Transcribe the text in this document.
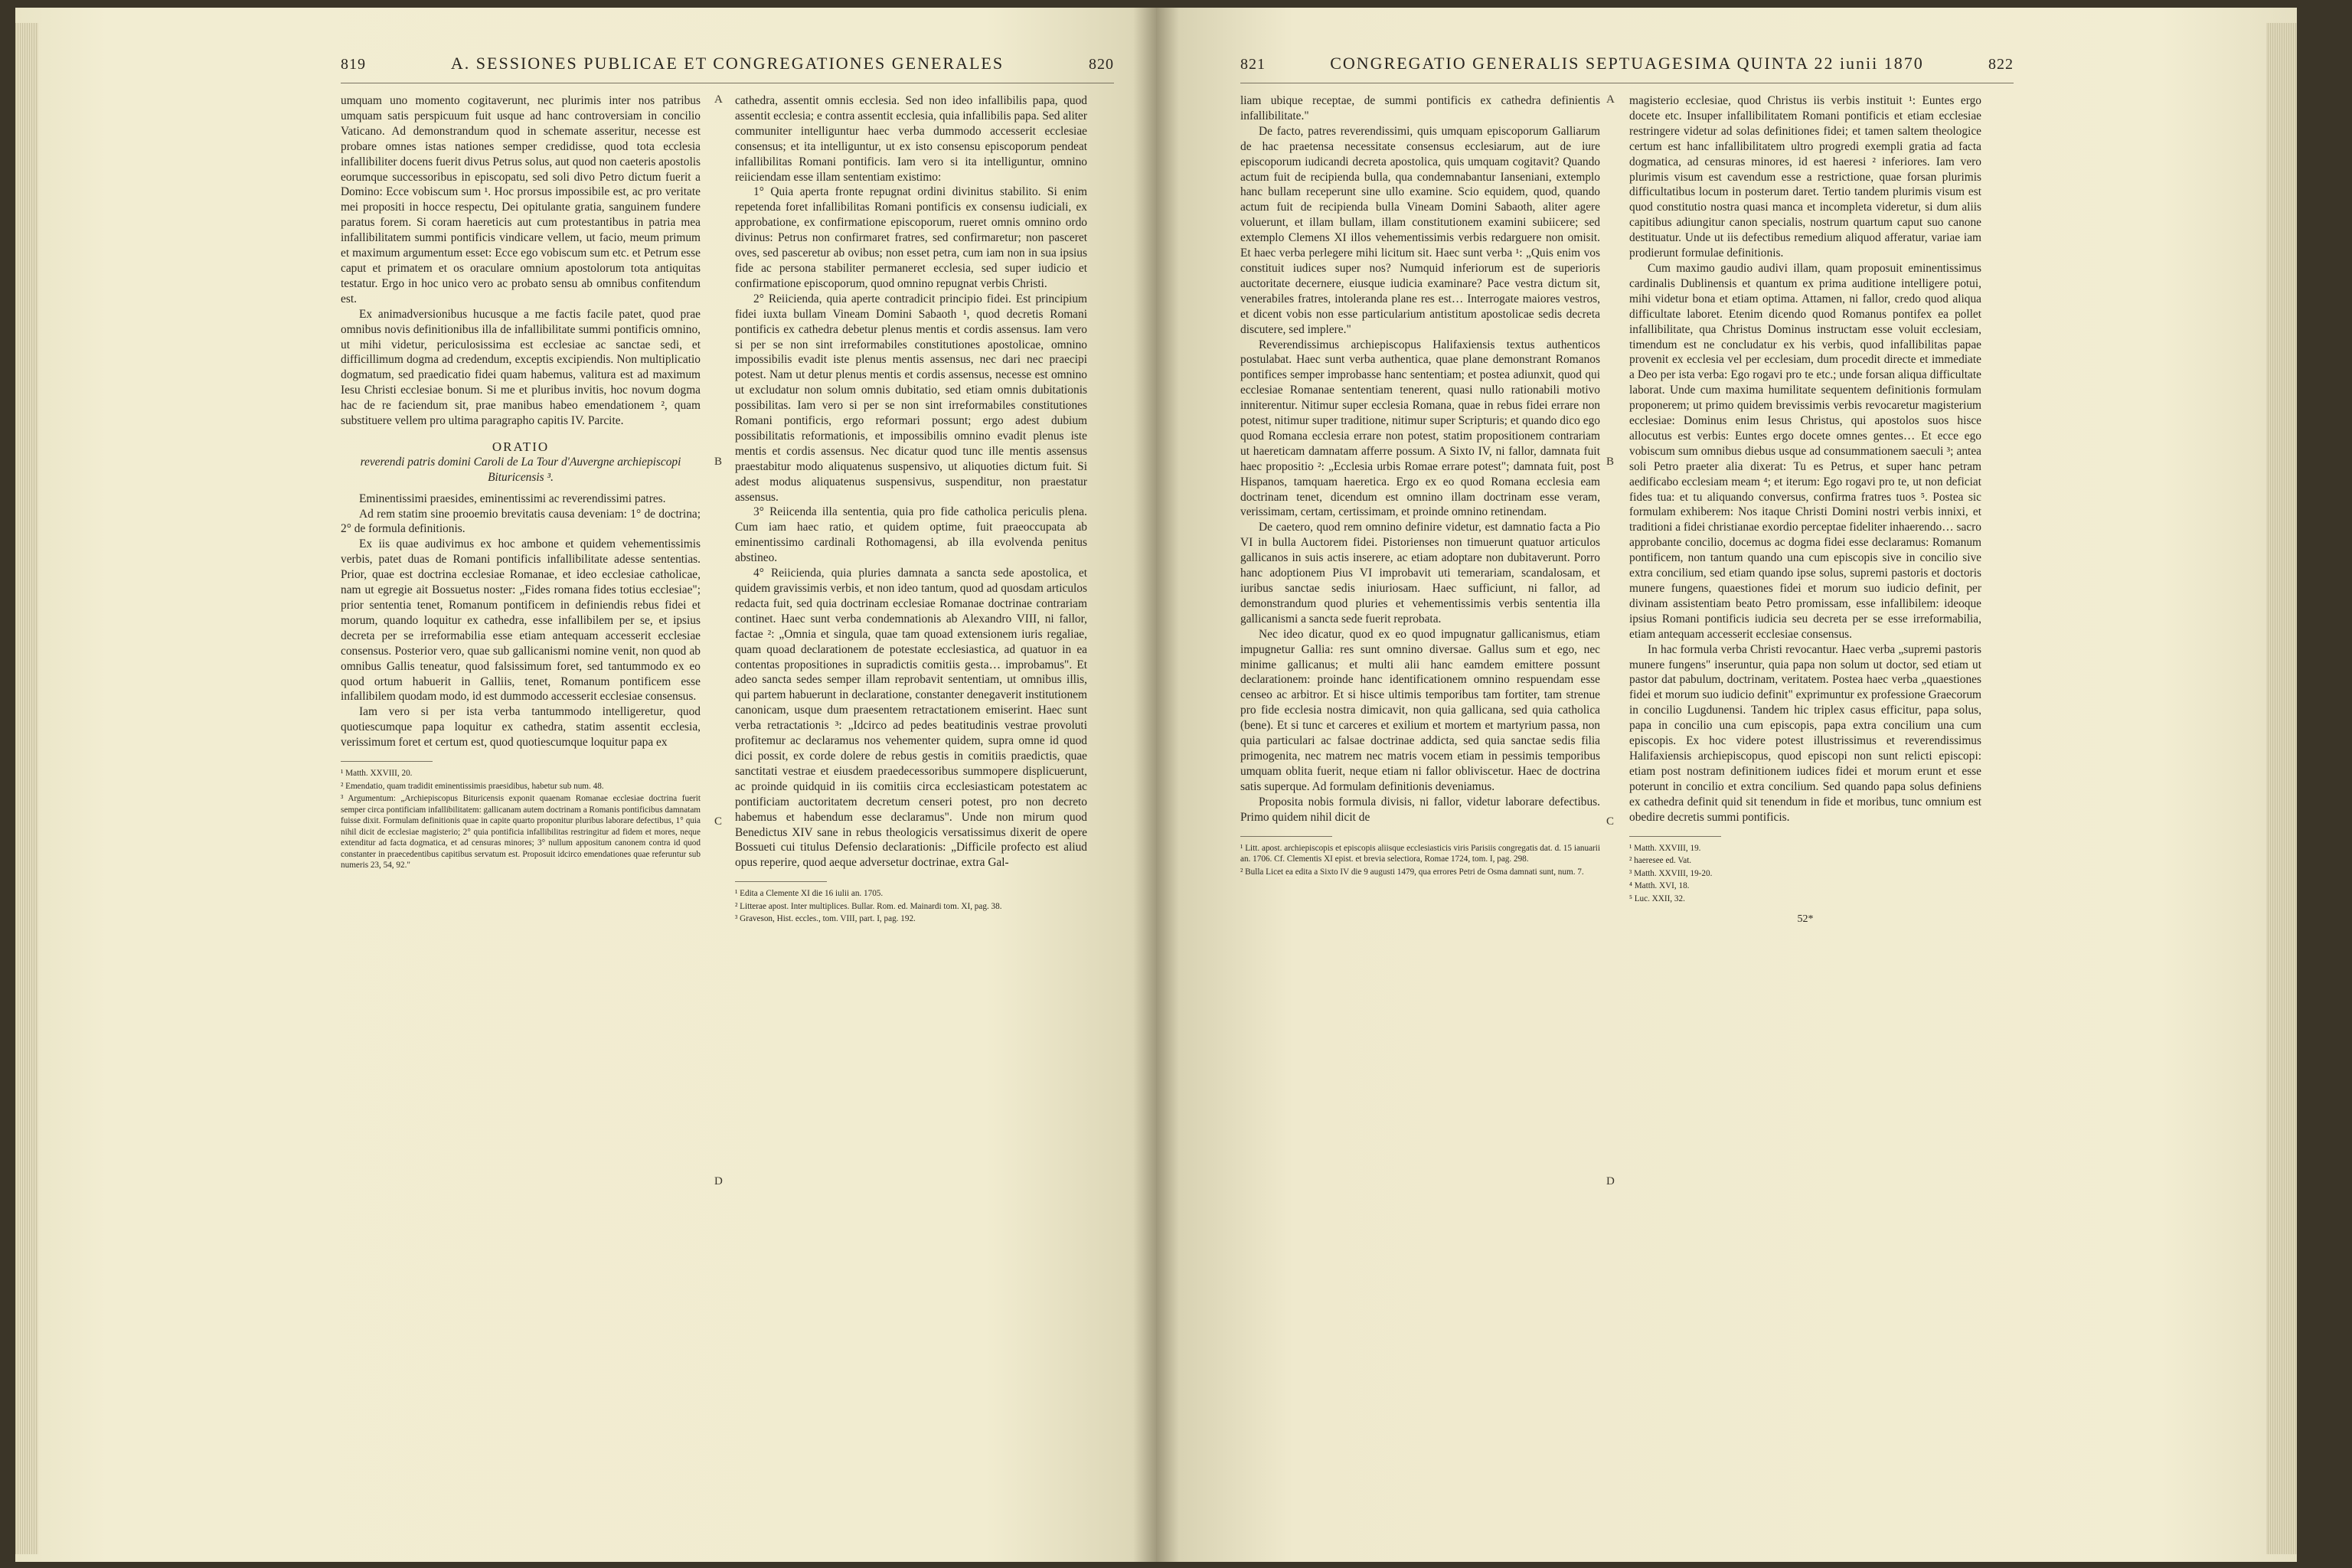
819	A. SESSIONES PUBLICAE ET CONGREGATIONES GENERALES	820

umquam uno momento cogitaverunt, nec plurimis inter nos patribus umquam satis perspicuum fuit usque ad hanc controversiam in concilio Vaticano. Ad demonstrandum quod in schemate asseritur, necesse est probare omnes istas nationes semper credidisse, quod tota ecclesia infallibiliter docens fuerit divus Petrus solus, aut quod non caeteris apostolis eorumque successoribus in episcopatu, sed soli divo Petro dictum fuerit a Domino: Ecce vobiscum sum ¹. Hoc prorsus impossibile est, ac pro veritate mei propositi in hocce respectu, Dei opitulante gratia, sanguinem fundere paratus forem. Si coram haereticis aut cum protestantibus in patria mea infallibilitatem summi pontificis vindicare vellem, ut facio, meum primum et maximum argumentum esset: Ecce ego vobiscum sum etc. et Petrum esse caput et primatem et os oraculare omnium apostolorum tota antiquitas testatur. Ergo in hoc unico vero ac probato sensu ab omnibus confitendum est.

Ex animadversionibus hucusque a me factis facile patet, quod prae omnibus novis definitionibus illa de infallibilitate summi pontificis omnino, ut mihi videtur, periculosissima est ecclesiae ac sanctae sedi, et difficillimum dogma ad credendum, exceptis excipiendis. Non multiplicatio dogmatum, sed praedicatio fidei quam habemus, valitura est ad maximum Iesu Christi ecclesiae bonum. Si me et pluribus invitis, hoc novum dogma hac de re faciendum sit, prae manibus habeo emendationem ², quam substituere vellem pro ultima paragrapho capitis IV. Parcite.

ORATIO

reverendi patris domini Caroli de La Tour d'Auvergne archiepiscopi Bituricensis ³.

Eminentissimi praesides, eminentissimi ac reverendissimi patres.

Ad rem statim sine prooemio brevitatis causa deveniam: 1° de doctrina; 2° de formula definitionis.

Ex iis quae audivimus ex hoc ambone et quidem vehementissimis verbis, patet duas de Romani pontificis infallibilitate adesse sententias. Prior, quae est doctrina ecclesiae Romanae, et ideo ecclesiae catholicae, nam ut egregie ait Bossuetus noster: „Fides romana fides totius ecclesiae"; prior sententia tenet, Romanum pontificem in definiendis rebus fidei et morum, quando loquitur ex cathedra, esse infallibilem per se, et ipsius decreta per se irreformabilia esse etiam antequam accesserit ecclesiae consensus. Posterior vero, quae sub gallicanismi nomine venit, non quod ab omnibus Gallis teneatur, quod falsissimum foret, sed tantummodo ex eo quod ortum habuerit in Galliis, tenet, Romanum pontificem esse infallibilem quodam modo, id est dummodo accesserit ecclesiae consensus.

Iam vero si per ista verba tantummodo intelligeretur, quod quotiescumque papa loquitur ex cathedra, statim assentit ecclesia, verissimum foret et certum est, quod quotiescumque loquitur papa ex

¹ Matth. XXVIII, 20.

² Emendatio, quam tradidit eminentissimis praesidibus, habetur sub num. 48.

³ Argumentum: „Archiepiscopus Bituricensis exponit quaenam Romanae ecclesiae doctrina fuerit semper circa pontificiam infallibilitatem: gallicanam autem doctrinam a Romanis pontificibus damnatam fuisse dixit. Formulam definitionis quae in capite quarto proponitur pluribus laborare defectibus, 1° quia nihil dicit de ecclesiae magisterio; 2° quia pontificia infallibilitas restringitur ad fidem et mores, neque extenditur ad facta dogmatica, et ad censuras minores; 3° nullum appositum canonem contra id quod constanter in praecedentibus capitibus servatum est. Proposuit idcirco emendationes quae referuntur sub numeris 23, 54, 92."

A
B
C
D

cathedra, assentit omnis ecclesia. Sed non ideo infallibilis papa, quod assentit ecclesia; e contra assentit ecclesia, quia infallibilis papa. Sed aliter communiter intelliguntur haec verba dummodo accesserit ecclesiae consensus; et ita intelliguntur, ut ex isto consensu episcoporum pendeat infallibilitas Romani pontificis. Iam vero si ita intelliguntur, omnino reiiciendam esse illam sententiam existimo:

1° Quia aperta fronte repugnat ordini divinitus stabilito. Si enim repetenda foret infallibilitas Romani pontificis ex consensu iudiciali, ex approbatione, ex confirmatione episcoporum, rueret omnis omnino ordo divinus: Petrus non confirmaret fratres, sed confirmaretur; non pasceret oves, sed pasceretur ab ovibus; non esset petra, cum iam non in sua ipsius fide ac persona stabiliter permaneret ecclesia, sed super iudicio et confirmatione episcoporum, quod omnino repugnat verbis Christi.

2° Reiicienda, quia aperte contradicit principio fidei. Est principium fidei iuxta bullam Vineam Domini Sabaoth ¹, quod decretis Romani pontificis ex cathedra debetur plenus mentis et cordis assensus. Iam vero si per se non sint irreformabiles constitutiones apostolicae, omnino impossibilis evadit iste plenus mentis assensus, nec dari nec praecipi potest. Nam ut detur plenus mentis et cordis assensus, necesse est omnino ut excludatur non solum omnis dubitatio, sed etiam omnis dubitationis possibilitas. Iam vero si per se non sint irreformabiles constitutiones Romani pontificis, ergo reformari possunt; ergo adest dubium possibilitatis reformationis, et impossibilis omnino evadit plenus iste mentis et cordis assensus. Nec dicatur quod tunc ille mentis assensus praestabitur modo aliquatenus suspensivo, ut aliquoties dictum fuit. Si adest modus aliquatenus suspensivus, suspenditur, non praestatur assensus.

3° Reiicenda illa sententia, quia pro fide catholica periculis plena. Cum iam haec ratio, et quidem optime, fuit praeoccupata ab eminentissimo cardinali Rothomagensi, ab illa evolvenda penitus abstineo.

4° Reiicienda, quia pluries damnata a sancta sede apostolica, et quidem gravissimis verbis, et non ideo tantum, quod ad quosdam articulos redacta fuit, sed quia doctrinam ecclesiae Romanae doctrinae contrariam continet. Haec sunt verba condemnationis ab Alexandro VIII, ni fallor, factae ²: „Omnia et singula, quae tam quoad extensionem iuris regaliae, quam quoad declarationem de potestate ecclesiastica, ad quatuor in ea contentas propositiones in supradictis comitiis gesta… improbamus". Et adeo sancta sedes semper illam reprobavit sententiam, ut omnibus illis, qui partem habuerunt in declaratione, constanter denegaverit institutionem canonicam, usque dum praesentem retractationem emiserint. Haec sunt verba retractationis ³: „Idcirco ad pedes beatitudinis vestrae provoluti profitemur ac declaramus nos vehementer quidem, supra omne id quod dici possit, ex corde dolere de rebus gestis in comitiis praedictis, quae sanctitati vestrae et eiusdem praedecessoribus summopere displicuerunt, ac proinde quidquid in iis comitiis circa ecclesiasticam potestatem ac pontificiam auctoritatem decretum censeri potest, pro non decreto habemus et habendum esse declaramus". Unde non mirum quod Benedictus XIV sane in rebus theologicis versatissimus dixerit de opere Bossueti cui titulus Defensio declarationis: „Difficile profecto est aliud opus reperire, quod aeque adversetur doctrinae, extra Gal-

¹ Edita a Clemente XI die 16 iulii an. 1705.

² Litterae apost. Inter multiplices. Bullar. Rom. ed. Mainardi tom. XI, pag. 38.

³ Graveson, Hist. eccles., tom. VIII, part. I, pag. 192.

821	CONGREGATIO GENERALIS SEPTUAGESIMA QUINTA 22 iunii 1870	822

liam ubique receptae, de summi pontificis ex cathedra definientis infallibilitate."

De facto, patres reverendissimi, quis umquam episcoporum Galliarum de hac praetensa necessitate consensus ecclesiarum, aut de iure episcoporum iudicandi decreta apostolica, quis umquam cogitavit? Quando actum fuit de recipienda bulla, qua condemnabantur Ianseniani, extemplo hanc bullam receperunt sine ullo examine. Scio equidem, quod, quando actum fuit de recipienda bulla Vineam Domini Sabaoth, aliter agere voluerunt, et illam bullam, illam constitutionem examini subiicere; sed extemplo Clemens XI illos vehementissimis verbis redarguere non omisit. Et haec verba perlegere mihi licitum sit. Haec sunt verba ¹: „Quis enim vos constituit iudices super nos? Numquid inferiorum est de superioris auctoritate decernere, eiusque iudicia examinare? Pace vestra dictum sit, venerabiles fratres, intoleranda plane res est… Interrogate maiores vestros, et dicent vobis non esse particularium antistitum apostolicae sedis decreta discutere, sed implere."

Reverendissimus archiepiscopus Halifaxiensis textus authenticos postulabat. Haec sunt verba authentica, quae plane demonstrant Romanos pontifices semper improbasse hanc sententiam; et postea adiunxit, quod qui ecclesiae Romanae sententiam tenerent, quasi nullo rationabili motivo inniterentur. Nitimur super ecclesia Romana, quae in rebus fidei errare non potest, nitimur super traditione, nitimur super Scripturis; et quando dico ego quod Romana ecclesia errare non potest, statim propositionem contrariam ut haereticam damnatam afferre possum. A Sixto IV, ni fallor, damnata fuit haec propositio ²: „Ecclesia urbis Romae errare potest"; damnata fuit, post Hispanos, tamquam haeretica. Ergo ex eo quod Romana ecclesia eam doctrinam tenet, dicendum est omnino illam doctrinam esse veram, verissimam, certam, certissimam, et proinde omnino retinendam.

De caetero, quod rem omnino definire videtur, est damnatio facta a Pio VI in bulla Auctorem fidei. Pistorienses non timuerunt quatuor articulos gallicanos in suis actis inserere, ac etiam adoptare non dubitaverunt. Porro hanc adoptionem Pius VI improbavit uti temerariam, scandalosam, et iuribus sanctae sedis iniuriosam. Haec sufficiunt, ni fallor, ad demonstrandum quod pluries et vehementissimis verbis sententia illa gallicanismi a sancta sede fuerit reprobata.

Nec ideo dicatur, quod ex eo quod impugnatur gallicanismus, etiam impugnetur Gallia: res sunt omnino diversae. Gallus sum et ego, nec minime gallicanus; et multi alii hanc eamdem emittere possunt declarationem: proinde hanc identificationem omnino respuendam esse censeo ac arbitror. Et si hisce ultimis temporibus tam fortiter, tam strenue pro fide ecclesia nostra dimicavit, non quia gallicana, sed quia catholica (bene). Et si tunc et carceres et exilium et mortem et martyrium passa, non quia particulari ac falsae doctrinae addicta, sed quia sanctae sedis filia primogenita, nec matrem nec matris vocem etiam in pessimis temporibus umquam oblita fuerit, neque etiam ni fallor obliviscetur. Haec de doctrina satis superque. Ad formulam definitionis deveniamus.

Proposita nobis formula divisis, ni fallor, videtur laborare defectibus. Primo quidem nihil dicit de

¹ Litt. apost. archiepiscopis et episcopis aliisque ecclesiasticis viris Parisiis congregatis dat. d. 15 ianuarii an. 1706. Cf. Clementis XI epist. et brevia selectiora, Romae 1724, tom. I, pag. 298.

² Bulla Licet ea edita a Sixto IV die 9 augusti 1479, qua errores Petri de Osma damnati sunt, num. 7.

A
B
C
D

magisterio ecclesiae, quod Christus iis verbis instituit ¹: Euntes ergo docete etc. Insuper infallibilitatem Romani pontificis et etiam ecclesiae restringere videtur ad solas definitiones fidei; et tamen saltem theologice certum est hanc infallibilitatem ultro progredi exempli gratia ad facta dogmatica, ad censuras minores, id est haeresi ² inferiores. Iam vero plurimis visum est cavendum esse a restrictione, quae forsan plurimis difficultatibus locum in posterum daret. Tertio tandem plurimis visum est quod constitutio nostra quasi manca et incompleta videretur, si dum aliis capitibus adiungitur canon specialis, nostrum quartum caput suo canone destituatur. Unde ut iis defectibus remedium aliquod afferatur, variae iam prodierunt formulae definitionis.

Cum maximo gaudio audivi illam, quam proposuit eminentissimus cardinalis Dublinensis et quantum ex prima auditione intelligere potui, mihi videtur bona et etiam optima. Attamen, ni fallor, credo quod aliqua difficultate laboret. Etenim dicendo quod Romanus pontifex ea pollet infallibilitate, qua Christus Dominus instructam esse voluit ecclesiam, timendum est ne concludatur ex his verbis, quod infallibilitas papae provenit ex ecclesia vel per ecclesiam, dum procedit directe et immediate a Deo per ista verba: Ego rogavi pro te etc.; unde forsan aliqua difficultate laborat. Unde cum maxima humilitate sequentem definitionis formulam proponerem; ut primo quidem brevissimis verbis revocaretur magisterium ecclesiae: Dominus enim Iesus Christus, qui apostolos suos hisce allocutus est verbis: Euntes ergo docete omnes gentes… Et ecce ego vobiscum sum omnibus diebus usque ad consummationem saeculi ³; antea soli Petro praeter alia dixerat: Tu es Petrus, et super hanc petram aedificabo ecclesiam meam ⁴; et iterum: Ego rogavi pro te, ut non deficiat fides tua: et tu aliquando conversus, confirma fratres tuos ⁵. Postea sic formulam exhiberem: Nos itaque Christi Domini nostri verbis innixi, et traditioni a fidei christianae exordio perceptae fideliter inhaerendo… sacro approbante concilio, docemus ac dogma fidei esse declaramus: Romanum pontificem, non tantum quando una cum episcopis sive in concilio sive extra concilium, sed etiam quando ipse solus, supremi pastoris et doctoris munere fungens, quaestiones fidei et morum suo iudicio definit, per divinam assistentiam beato Petro promissam, esse infallibilem: ideoque ipsius Romani pontificis iudicia seu decreta per se esse irreformabilia, etiam antequam accesserit ecclesiae consensus.

In hac formula verba Christi revocantur. Haec verba „supremi pastoris munere fungens" inseruntur, quia papa non solum ut doctor, sed etiam ut pastor dat pabulum, doctrinam, veritatem. Postea haec verba „quaestiones fidei et morum suo iudicio definit" exprimuntur ex professione Graecorum in concilio Lugdunensi. Tandem hic triplex casus efficitur, papa solus, papa in concilio una cum episcopis, papa extra concilium una cum episcopis. Ex hoc videre potest illustrissimus et reverendissimus Halifaxiensis archiepiscopus, quod episcopi non sunt relicti episcopi: etiam post nostram definitionem iudices fidei et morum erunt et esse poterunt in concilio et extra concilium. Sed quando papa solus definiens ex cathedra definit quid sit tenendum in fide et moribus, tunc omnium est obedire decretis summi pontificis.

¹ Matth. XXVIII, 19.

² haeresee ed. Vat.

³ Matth. XXVIII, 19-20.

⁴ Matth. XVI, 18.

⁵ Luc. XXII, 32.

52*
